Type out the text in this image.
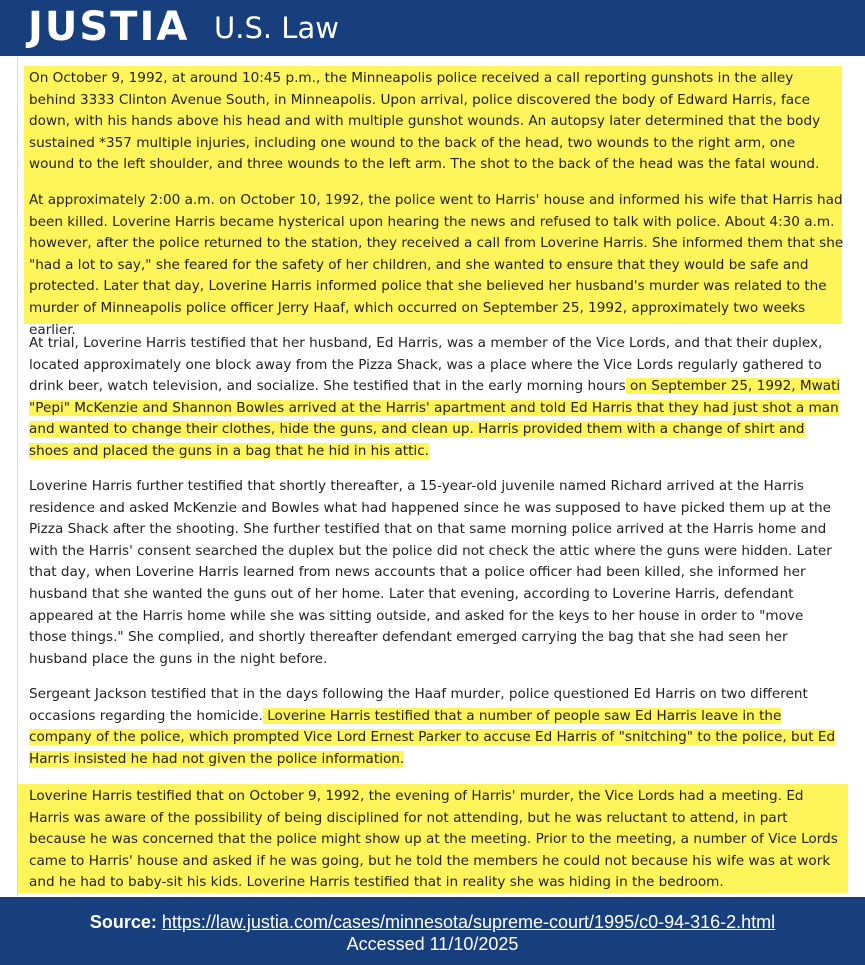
JUSTIA U.S. Law
On October 9, 1992, at around 10:45 p.m., the Minneapolis police received a call reporting gunshots in the alley behind 3333 Clinton Avenue South, in Minneapolis. Upon arrival, police discovered the body of Edward Harris, face down, with his hands above his head and with multiple gunshot wounds. An autopsy later determined that the body sustained *357 multiple injuries, including one wound to the back of the head, two wounds to the right arm, one wound to the left shoulder, and three wounds to the left arm. The shot to the back of the head was the fatal wound.
At approximately 2:00 a.m. on October 10, 1992, the police went to Harris' house and informed his wife that Harris had been killed. Loverine Harris became hysterical upon hearing the news and refused to talk with police. About 4:30 a.m. however, after the police returned to the station, they received a call from Loverine Harris. She informed them that she "had a lot to say," she feared for the safety of her children, and she wanted to ensure that they would be safe and protected. Later that day, Loverine Harris informed police that she believed her husband's murder was related to the murder of Minneapolis police officer Jerry Haaf, which occurred on September 25, 1992, approximately two weeks earlier.
At trial, Loverine Harris testified that her husband, Ed Harris, was a member of the Vice Lords, and that their duplex, located approximately one block away from the Pizza Shack, was a place where the Vice Lords regularly gathered to drink beer, watch television, and socialize. She testified that in the early morning hours on September 25, 1992, Mwati "Pepi" McKenzie and Shannon Bowles arrived at the Harris' apartment and told Ed Harris that they had just shot a man and wanted to change their clothes, hide the guns, and clean up. Harris provided them with a change of shirt and shoes and placed the guns in a bag that he hid in his attic.
Loverine Harris further testified that shortly thereafter, a 15-year-old juvenile named Richard arrived at the Harris residence and asked McKenzie and Bowles what had happened since he was supposed to have picked them up at the Pizza Shack after the shooting. She further testified that on that same morning police arrived at the Harris home and with the Harris' consent searched the duplex but the police did not check the attic where the guns were hidden. Later that day, when Loverine Harris learned from news accounts that a police officer had been killed, she informed her husband that she wanted the guns out of her home. Later that evening, according to Loverine Harris, defendant appeared at the Harris home while she was sitting outside, and asked for the keys to her house in order to "move those things." She complied, and shortly thereafter defendant emerged carrying the bag that she had seen her husband place the guns in the night before.
Sergeant Jackson testified that in the days following the Haaf murder, police questioned Ed Harris on two different occasions regarding the homicide. Loverine Harris testified that a number of people saw Ed Harris leave in the company of the police, which prompted Vice Lord Ernest Parker to accuse Ed Harris of "snitching" to the police, but Ed Harris insisted he had not given the police information.
Loverine Harris testified that on October 9, 1992, the evening of Harris' murder, the Vice Lords had a meeting. Ed Harris was aware of the possibility of being disciplined for not attending, but he was reluctant to attend, in part because he was concerned that the police might show up at the meeting. Prior to the meeting, a number of Vice Lords came to Harris' house and asked if he was going, but he told the members he could not because his wife was at work and he had to baby-sit his kids. Loverine Harris testified that in reality she was hiding in the bedroom.
Source: https://law.justia.com/cases/minnesota/supreme-court/1995/c0-94-316-2.html
Accessed 11/10/2025
